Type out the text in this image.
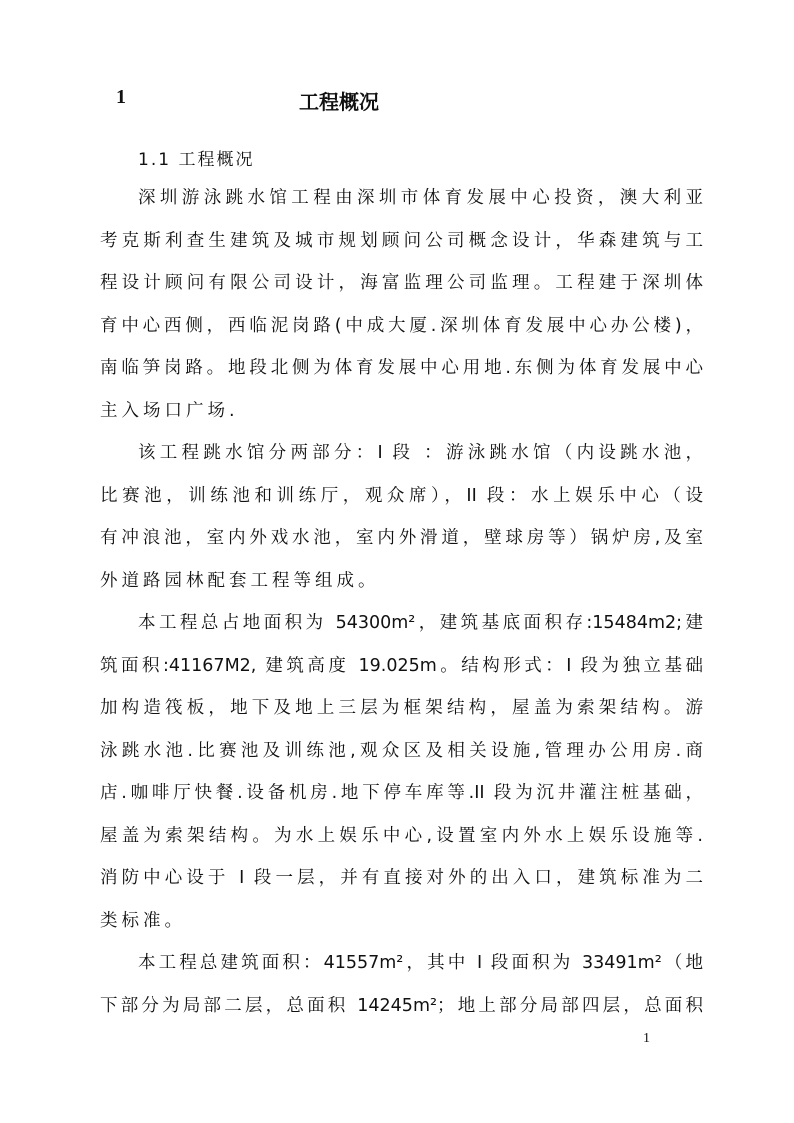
1	工程概况
1.1 工程概况
深圳游泳跳水馆工程由深圳市体育发展中心投资，澳大利亚
考克斯利查生建筑及城市规划顾问公司概念设计，华森建筑与工
程设计顾问有限公司设计，海富监理公司监理。工程建于深圳体
育中心西侧，西临泥岗路(中成大厦.深圳体育发展中心办公楼)，
南临笋岗路。地段北侧为体育发展中心用地.东侧为体育发展中心
主入场口广场.
该工程跳水馆分两部分：I 段 ：游泳跳水馆（内设跳水池，
比赛池，训练池和训练厅，观众席），II 段：水上娱乐中心（设
有冲浪池，室内外戏水池，室内外滑道，壁球房等）锅炉房,及室
外道路园林配套工程等组成。
本工程总占地面积为 54300m²，建筑基底面积存:15484m2;建
筑面积:41167M2, 建筑高度 19.025m。结构形式：I 段为独立基础
加构造筏板，地下及地上三层为框架结构，屋盖为索架结构。游
泳跳水池.比赛池及训练池,观众区及相关设施,管理办公用房.商
店.咖啡厅快餐.设备机房.地下停车库等.II 段为沉井灌注桩基础，
屋盖为索架结构。为水上娱乐中心,设置室内外水上娱乐设施等.
消防中心设于 I 段一层，并有直接对外的出入口，建筑标准为二
类标准。
本工程总建筑面积：41557m²，其中 I 段面积为 33491m²（地
下部分为局部二层，总面积 14245m²；地上部分局部四层，总面积
1
